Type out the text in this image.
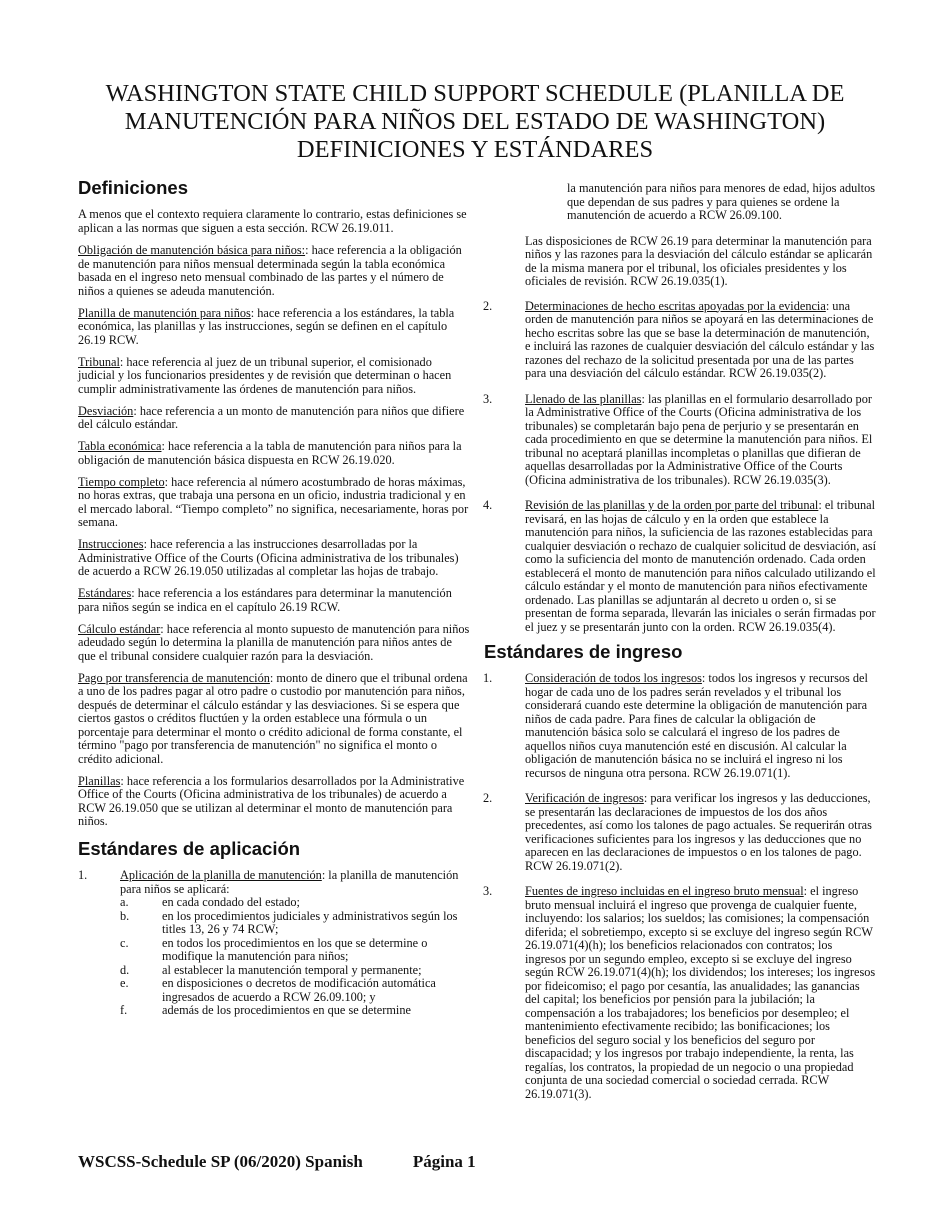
WASHINGTON STATE CHILD SUPPORT SCHEDULE (PLANILLA DE MANUTENCIÓN PARA NIÑOS DEL ESTADO DE WASHINGTON) DEFINICIONES Y ESTÁNDARES
Definiciones

A menos que el contexto requiera claramente lo contrario, estas definiciones se aplican a las normas que siguen a esta sección. RCW 26.19.011.

Obligación de manutención básica para niños:: hace referencia a la obligación de manutención para niños mensual determinada según la tabla económica basada en el ingreso neto mensual combinado de las partes y el número de niños a quienes se adeuda manutención.

Planilla de manutención para niños: hace referencia a los estándares, la tabla económica, las planillas y las instrucciones, según se definen en el capítulo 26.19 RCW.

Tribunal: hace referencia al juez de un tribunal superior, el comisionado judicial y los funcionarios presidentes y de revisión que determinan o hacen cumplir administrativamente las órdenes de manutención para niños.

Desviación: hace referencia a un monto de manutención para niños que difiere del cálculo estándar.

Tabla económica: hace referencia a la tabla de manutención para niños para la obligación de manutención básica dispuesta en RCW 26.19.020.

Tiempo completo: hace referencia al número acostumbrado de horas máximas, no horas extras, que trabaja una persona en un oficio, industria tradicional y en el mercado laboral. “Tiempo completo” no significa, necesariamente, horas por semana.

Instrucciones: hace referencia a las instrucciones desarrolladas por la Administrative Office of the Courts (Oficina administrativa de los tribunales) de acuerdo a RCW 26.19.050 utilizadas al completar las hojas de trabajo.

Estándares: hace referencia a los estándares para determinar la manutención para niños según se indica en el capítulo 26.19 RCW.

Cálculo estándar: hace referencia al monto supuesto de manutención para niños adeudado según lo determina la planilla de manutención para niños antes de que el tribunal considere cualquier razón para la desviación.

Pago por transferencia de manutención: monto de dinero que el tribunal ordena a uno de los padres pagar al otro padre o custodio por manutención para niños, después de determinar el cálculo estándar y las desviaciones. Si se espera que ciertos gastos o créditos fluctúen y la orden establece una fórmula o un porcentaje para determinar el monto o crédito adicional de forma constante, el término "pago por transferencia de manutención" no significa el monto o crédito adicional.

Planillas: hace referencia a los formularios desarrollados por la Administrative Office of the Courts (Oficina administrativa de los tribunales) de acuerdo a RCW 26.19.050 que se utilizan al determinar el monto de manutención para niños.

Estándares de aplicación
1.	Aplicación de la planilla de manutención: la planilla de manutención para niños se aplicará:
a.	en cada condado del estado;
b.	en los procedimientos judiciales y administrativos según los titles 13, 26 y 74 RCW;
c.	en todos los procedimientos en los que se determine o modifique la manutención para niños;
d.	al establecer la manutención temporal y permanente;
e.	en disposiciones o decretos de modificación automática ingresados de acuerdo a RCW 26.09.100; y
f.	además de los procedimientos en que se determine

la manutención para niños para menores de edad, hijos adultos que dependan de sus padres y para quienes se ordene la manutención de acuerdo a RCW 26.09.100.

Las disposiciones de RCW 26.19 para determinar la manutención para niños y las razones para la desviación del cálculo estándar se aplicarán de la misma manera por el tribunal, los oficiales presidentes y los oficiales de revisión. RCW 26.19.035(1).

2.	Determinaciones de hecho escritas apoyadas por la evidencia: una orden de manutención para niños se apoyará en las determinaciones de hecho escritas sobre las que se base la determinación de manutención, e incluirá las razones de cualquier desviación del cálculo estándar y las razones del rechazo de la solicitud presentada por una de las partes para una desviación del cálculo estándar. RCW 26.19.035(2).
3.	Llenado de las planillas: las planillas en el formulario desarrollado por la Administrative Office of the Courts (Oficina administrativa de los tribunales) se completarán bajo pena de perjurio y se presentarán en cada procedimiento en que se determine la manutención para niños. El tribunal no aceptará planillas incompletas o planillas que difieran de aquellas desarrolladas por la Administrative Office of the Courts (Oficina administrativa de los tribunales). RCW 26.19.035(3).
4.	Revisión de las planillas y de la orden por parte del tribunal: el tribunal revisará, en las hojas de cálculo y en la orden que establece la manutención para niños, la suficiencia de las razones establecidas para cualquier desviación o rechazo de cualquier solicitud de desviación, así como la suficiencia del monto de manutención ordenado. Cada orden establecerá el monto de manutención para niños calculado utilizando el cálculo estándar y el monto de manutención para niños efectivamente ordenado. Las planillas se adjuntarán al decreto u orden o, si se presentan de forma separada, llevarán las iniciales o serán firmadas por el juez y se presentarán junto con la orden. RCW 26.19.035(4).
Estándares de ingreso
1.	Consideración de todos los ingresos: todos los ingresos y recursos del hogar de cada uno de los padres serán revelados y el tribunal los considerará cuando este determine la obligación de manutención para niños de cada padre. Para fines de calcular la obligación de manutención básica solo se calculará el ingreso de los padres de aquellos niños cuya manutención esté en discusión. Al calcular la obligación de manutención básica no se incluirá el ingreso ni los recursos de ninguna otra persona. RCW 26.19.071(1).
2.	Verificación de ingresos: para verificar los ingresos y las deducciones, se presentarán las declaraciones de impuestos de los dos años precedentes, así como los talones de pago actuales. Se requerirán otras verificaciones suficientes para los ingresos y las deducciones que no aparecen en las declaraciones de impuestos o en los talones de pago. RCW 26.19.071(2).
3.	Fuentes de ingreso incluidas en el ingreso bruto mensual: el ingreso bruto mensual incluirá el ingreso que provenga de cualquier fuente, incluyendo: los salarios; los sueldos; las comisiones; la compensación diferida; el sobretiempo, excepto si se excluye del ingreso según RCW 26.19.071(4)(h); los beneficios relacionados con contratos; los ingresos por un segundo empleo, excepto si se excluye del ingreso según RCW 26.19.071(4)(h); los dividendos; los intereses; los ingresos por fideicomiso; el pago por cesantía, las anualidades; las ganancias del capital; los beneficios por pensión para la jubilación; la compensación a los trabajadores; los beneficios por desempleo; el mantenimiento efectivamente recibido; las bonificaciones; los beneficios del seguro social y los beneficios del seguro por discapacidad; y los ingresos por trabajo independiente, la renta, las regalías, los contratos, la propiedad de un negocio o una propiedad conjunta de una sociedad comercial o sociedad cerrada. RCW 26.19.071(3).
WSCSS-Schedule SP (06/2020) Spanish	Página 1
